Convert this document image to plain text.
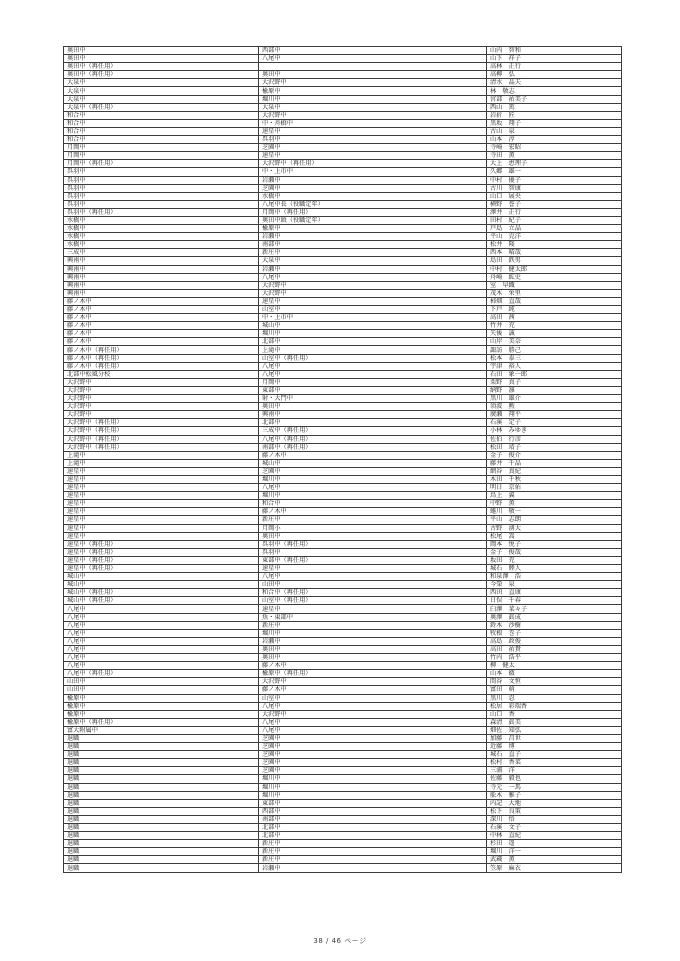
奥田中	西部中	山内　智和
奥田中	八尾中	山下　祥子
奥田中（再任用）		高林　正行
奥田中（再任用）	奥田中	高柳　弘
大泉中	大沢野中	清水　晶夫
大泉中	楡原中	林　敬志
大泉中	堀川中	宮部　祐美子
大泉中（再任用）	大泉中	西山　篤
和合中	大沢野中	岩折　匠
和合中	中・舟橋中	黒坂　翔子
和合中	速星中	古山　泉
和合中	呉羽中	山本　淳
月岡中	芝園中	寺崎　宏昭
月岡中	速星中	寺田　薫
月岡中（再任用）	大沢野中（再任用）	大上　恵理子
呉羽中	中・上市中	久郷　雄一
呉羽中	岩瀬中	中村　優子
呉羽中	芝園中	古川　智康
呉羽中	水橋中	山口　展央
呉羽中	八尾中長（役職定年）	横野　誉子
呉羽中（再任用）	月岡中（再任用）	澤井　正行
水橋中	奥田中頭（役職定年）	田村　紀子
水橋中	楡原中	戸島　立晶
水橋中	岩瀬中	平山　克洋
水橋中	南部中	松井　隆
三成中	新庄中	西本　晴哉
興南中	大泉中	島田　鉄男
興南中	岩瀬中	中村　健太郎
興南中	八尾中	舟崎　紘史
興南中	大沢野中	室　早織
興南中	大沢野中	茂木　栄里
藤ノ木中	速星中	柿畑　直哉
藤ノ木中	山室中	下戸　純
藤ノ木中	中・上市中	高田　茜
藤ノ木中	城山中	竹井　充
藤ノ木中	堀川中	矢後　誠
藤ノ木中	北部中	山岸　美奈
藤ノ木中（再任用）	上滝中	諏訪　勝己
藤ノ木中（再任用）	山室中（再任用）	松本　泰三
藤ノ木中（再任用）	八尾中	宇津　裕人
北部中松風分校	八尾中	石田　象一郎
大沢野中	月岡中	栗野　真子
大沢野中	東部中	納野　凛
大沢野中	射・大門中	黒川　雄介
大沢野中	奥田中	須波　勲
大沢野中	興南中	廣瀬　翔平
大沢野中（再任用）	北部中	石溪　定子
大沢野中（再任用）	三成中（再任用）	小林　みゆき
大沢野中（再任用）	八尾中（再任用）	佐伯　行彦
大沢野中（再任用）	南部中（再任用）	松田　靖子
上滝中	藤ノ木中	金子　俊介
上滝中	城山中	藤井　千晶
速星中	芝園中	網谷　真紀
速星中	堀川中	木田　千秋
速星中	八尾中	明日　京佑
速星中	堀川中	鳥上　翼
速星中	和合中	中野　薫
速星中	藤ノ木中	蜷川　敬一
速星中	新庄中	平山　志朗
速星中	月岡小	古野　湧大
速星中	奥田中	松尾　嵩
速星中（再任用）	呉羽中（再任用）	岡本　悦子
速星中（再任用）	呉羽中	金子　俊哉
速星中（再任用）	東部中（再任用）	坂田　充
速星中（再任用）	速星中	城石　睦人
城山中	八尾中	和泉澤　浩
城山中	山田中	今榮　泉
城山中（再任用）	和合中（再任用）	西田　直康
城山中（再任用）	山室中（再任用）	日俣　千春
八尾中	速星中	臼澤　菜々子
八尾中	魚・東部中	奥澤　眞成
八尾中	新庄中	鈴木　沙樹
八尾中	堀川中	牧根　巻子
八尾中	岩瀬中	高島　政俊
八尾中	奥田中	高田　祐貴
八尾中	奥田中	竹内　浩平
八尾中	藤ノ木中	柳　健太
八尾中（再任用）	楡原中（再任用）	山本　徹
山田中	大沢野中	間谷　文恒
山田中	藤ノ木中	富田　萌
楡原中	山室中	黒川　忍
楡原中	八尾中	松居　彩瑞香
楡原中	大沢野中	山口　香
楡原中（再任用）	八尾中	森清　眞美
富大附属中	八尾中	畑佐　知弘
退職	芝園中	加藤　昌世
退職	芝園中	近藤　博
退職	芝園中	城石　直子
退職	芝園中	松村　香菜
退職	芝園中	三浦　洋
退職	堀川中	佐藤　毅也
退職	堀川中	寺元　一馬
退職	堀川中	舩木　雅子
退職	東部中	内記　大地
退職	西部中	松下　良策
退職	南部中	深川　悟
退職	北部中	石溪　文子
退職	北部中	中林　直紀
退職	新庄中	杉田　遥
退職	新庄中	堀川　洋一
退職	新庄中	武蔵　薫
退職	岩瀬中	笠原　麻衣
38 / 46 ページ
